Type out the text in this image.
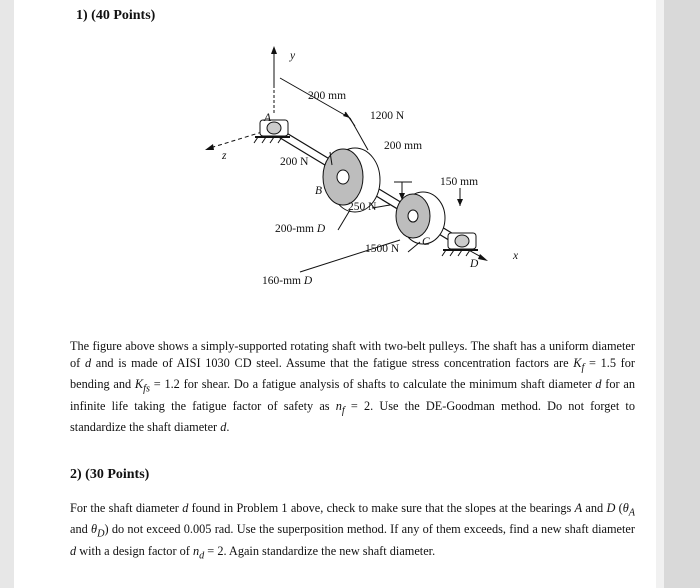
1) (40 Points)
y
z
x
A
B
C
D
200 mm
1200 N
200 mm
200 N
150 mm
250 N
200-mm D
1500 N
160-mm D
The figure above shows a simply-supported rotating shaft with two-belt pulleys. The shaft has a uniform diameter of d and is made of AISI 1030 CD steel. Assume that the fatigue stress concentration factors are $K_f = 1.5$ for bending and $K_{fs} = 1.2$ for shear. Do a fatigue analysis of shafts to calculate the minimum shaft diameter d for an infinite life taking the fatigue factor of safety as $n_f = 2$. Use the DE-Goodman method. Do not forget to standardize the shaft diameter d.
2) (30 Points)
For the shaft diameter d found in Problem 1 above, check to make sure that the slopes at the bearings A and D ($\theta_A$ and $\theta_D$) do not exceed 0.005 rad. Use the superposition method. If any of them exceeds, find a new shaft diameter d with a design factor of $n_d = 2$. Again standardize the new shaft diameter.
